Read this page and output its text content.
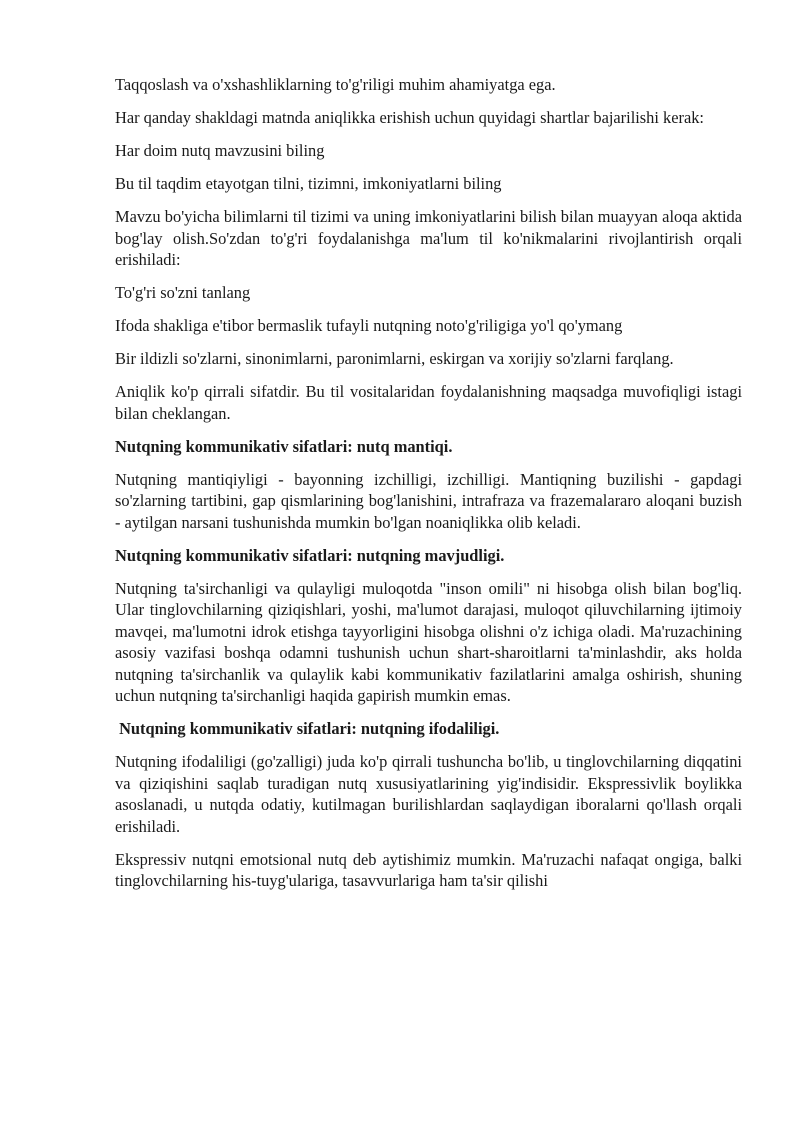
Taqqoslash va o'xshashliklarning to'g'riligi muhim ahamiyatga ega.

Har qanday shakldagi matnda aniqlikka erishish uchun quyidagi shartlar bajarilishi kerak:

Har doim nutq mavzusini biling

Bu til taqdim etayotgan tilni, tizimni, imkoniyatlarni biling

Mavzu bo'yicha bilimlarni til tizimi va uning imkoniyatlarini bilish bilan muayyan aloqa aktida bog'lay olish.So'zdan to'g'ri foydalanishga ma'lum til ko'nikmalarini rivojlantirish orqali erishiladi:

To'g'ri so'zni tanlang

Ifoda shakliga e'tibor bermaslik tufayli nutqning noto'g'riligiga yo'l qo'ymang

Bir ildizli so'zlarni, sinonimlarni, paronimlarni, eskirgan va xorijiy so'zlarni farqlang.

Aniqlik ko'p qirrali sifatdir. Bu til vositalaridan foydalanishning maqsadga muvofiqligi istagi bilan cheklangan.

Nutqning kommunikativ sifatlari: nutq mantiqi.

Nutqning mantiqiyligi - bayonning izchilligi, izchilligi. Mantiqning buzilishi - gapdagi so'zlarning tartibini, gap qismlarining bog'lanishini, intrafraza va frazemalararo aloqani buzish - aytilgan narsani tushunishda mumkin bo'lgan noaniqlikka olib keladi.

Nutqning kommunikativ sifatlari: nutqning mavjudligi.

Nutqning ta'sirchanligi va qulayligi muloqotda "inson omili" ni hisobga olish bilan bog'liq. Ular tinglovchilarning qiziqishlari, yoshi, ma'lumot darajasi, muloqot qiluvchilarning ijtimoiy mavqei, ma'lumotni idrok etishga tayyorligini hisobga olishni o'z ichiga oladi. Ma'ruzachining asosiy vazifasi boshqa odamni tushunish uchun shart-sharoitlarni ta'minlashdir, aks holda nutqning ta'sirchanlik va qulaylik kabi kommunikativ fazilatlarini amalga oshirish, shuning uchun nutqning ta'sirchanligi haqida gapirish mumkin emas.

Nutqning kommunikativ sifatlari: nutqning ifodaliligi.

Nutqning ifodaliligi (go'zalligi) juda ko'p qirrali tushuncha bo'lib, u tinglovchilarning diqqatini va qiziqishini saqlab turadigan nutq xususiyatlarining yig'indisidir. Ekspressivlik boylikka asoslanadi, u nutqda odatiy, kutilmagan burilishlardan saqlaydigan iboralarni qo'llash orqali erishiladi.

Ekspressiv nutqni emotsional nutq deb aytishimiz mumkin. Ma'ruzachi nafaqat ongiga, balki tinglovchilarning his-tuyg'ulariga, tasavvurlariga ham ta'sir qilishi
